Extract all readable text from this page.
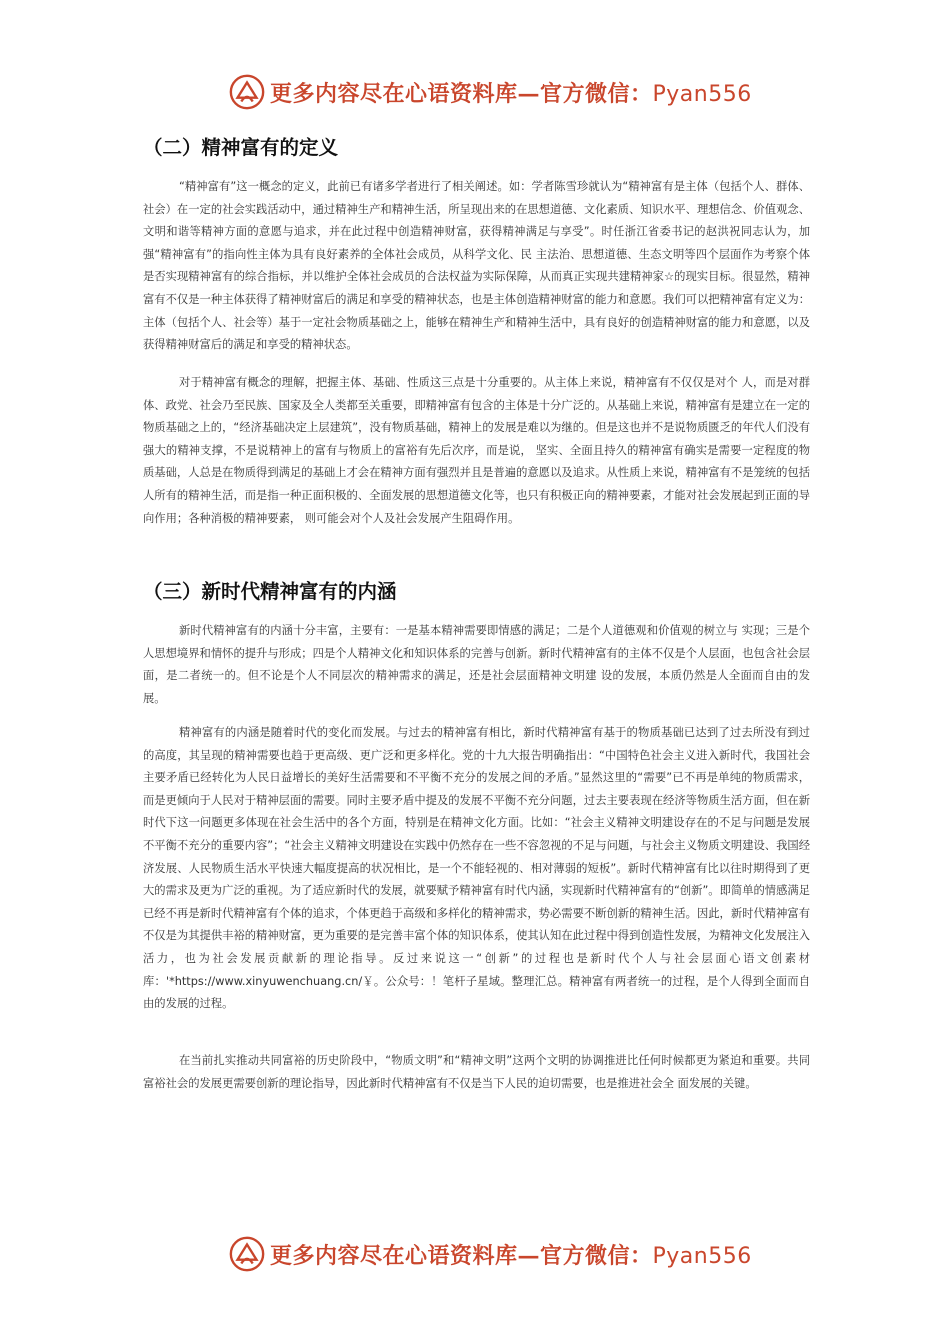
更多内容尽在心语资料库—官方微信：Pyan556
（二）精神富有的定义

“精神富有”这一概念的定义，此前已有诸多学者进行了相关阐述。如：学者陈雪珍就认为“精神富有是主体（包括个人、群体、社会）在一定的社会实践活动中，通过精神生产和精神生活，所呈现出来的在思想道德、文化素质、知识水平、理想信念、价值观念、文明和谐等精神方面的意愿与追求，并在此过程中创造精神财富，获得精神满足与享受”。时任浙江省委书记的赵洪祝同志认为，加强“精神富有”的指向性主体为具有良好素养的全体社会成员，从科学文化、民 主法治、思想道德、生态文明等四个层面作为考察个体是否实现精神富有的综合指标，并以维护全体社会成员的合法权益为实际保障，从而真正实现共建精神家☆的现实目标。很显然，精神富有不仅是一种主体获得了精神财富后的满足和享受的精神状态，也是主体创造精神财富的能力和意愿。我们可以把精神富有定义为：主体（包括个人、社会等）基于一定社会物质基础之上，能够在精神生产和精神生活中，具有良好的创造精神财富的能力和意愿，以及获得精神财富后的满足和享受的精神状态。

对于精神富有概念的理解，把握主体、基础、性质这三点是十分重要的。从主体上来说，精神富有不仅仅是对个 人，而是对群体、政党、社会乃至民族、国家及全人类都至关重要，即精神富有包含的主体是十分广泛的。从基础上来说，精神富有是建立在一定的物质基础之上的，“经济基础决定上层建筑”，没有物质基础，精神上的发展是难以为继的。但是这也并不是说物质匮乏的年代人们没有强大的精神支撑，不是说精神上的富有与物质上的富裕有先后次序，而是说， 坚实、全面且持久的精神富有确实是需要一定程度的物质基础，人总是在物质得到满足的基础上才会在精神方面有强烈并且是普遍的意愿以及追求。从性质上来说，精神富有不是笼统的包括人所有的精神生活，而是指一种正面积极的、全面发展的思想道德文化等，也只有积极正向的精神要素，才能对社会发展起到正面的导向作用；各种消极的精神要素， 则可能会对个人及社会发展产生阻碍作用。

（三）新时代精神富有的内涵

新时代精神富有的内涵十分丰富，主要有：一是基本精神需要即情感的满足；二是个人道德观和价值观的树立与 实现；三是个人思想境界和情怀的提升与形成；四是个人精神文化和知识体系的完善与创新。新时代精神富有的主体不仅是个人层面，也包含社会层面，是二者统一的。但不论是个人不同层次的精神需求的满足，还是社会层面精神文明建 设的发展，本质仍然是人全面而自由的发展。

精神富有的内涵是随着时代的变化而发展。与过去的精神富有相比，新时代精神富有基于的物质基础已达到了过去所没有到过的高度，其呈现的精神需要也趋于更高级、更广泛和更多样化。党的十九大报告明确指出：“中国特色社会主义进入新时代，我国社会主要矛盾已经转化为人民日益增长的美好生活需要和不平衡不充分的发展之间的矛盾。”显然这里的“需要”已不再是单纯的物质需求，而是更倾向于人民对于精神层面的需要。同时主要矛盾中提及的发展不平衡不充分问题，过去主要表现在经济等物质生活方面，但在新时代下这一问题更多体现在社会生活中的各个方面，特别是在精神文化方面。比如：“社会主义精神文明建设存在的不足与问题是发展不平衡不充分的重要内容”；“社会主义精神文明建设在实践中仍然存在一些不容忽视的不足与问题，与社会主义物质文明建设、我国经济发展、人民物质生活水平快速大幅度提高的状况相比，是一个不能轻视的、相对薄弱的短板”。新时代精神富有比以往时期得到了更大的需求及更为广泛的重视。为了适应新时代的发展，就要赋予精神富有时代内涵，实现新时代精神富有的“创新”。即简单的情感满足已经不再是新时代精神富有个体的追求，个体更趋于高级和多样化的精神需求，势必需要不断创新的精神生活。因此，新时代精神富有不仅是为其提供丰裕的精神财富，更为重要的是完善丰富个体的知识体系，使其认知在此过程中得到创造性发展，为精神文化发展注入活力，也为社会发展贡献新的理论指导。反过来说这一“创新”的过程也是新时代个人与社会层面心语文创素材库：'*https://www.xinyuwenchuang.cn/￥。公众号：！笔杆子星域。整理汇总。精神富有两者统一的过程，是个人得到全面而自由的发展的过程。

在当前扎实推动共同富裕的历史阶段中，“物质文明”和“精神文明”这两个文明的协调推进比任何时候都更为紧迫和重要。共同富裕社会的发展更需要创新的理论指导，因此新时代精神富有不仅是当下人民的迫切需要，也是推进社会全 面发展的关键。

更多内容尽在心语资料库—官方微信：Pyan556
